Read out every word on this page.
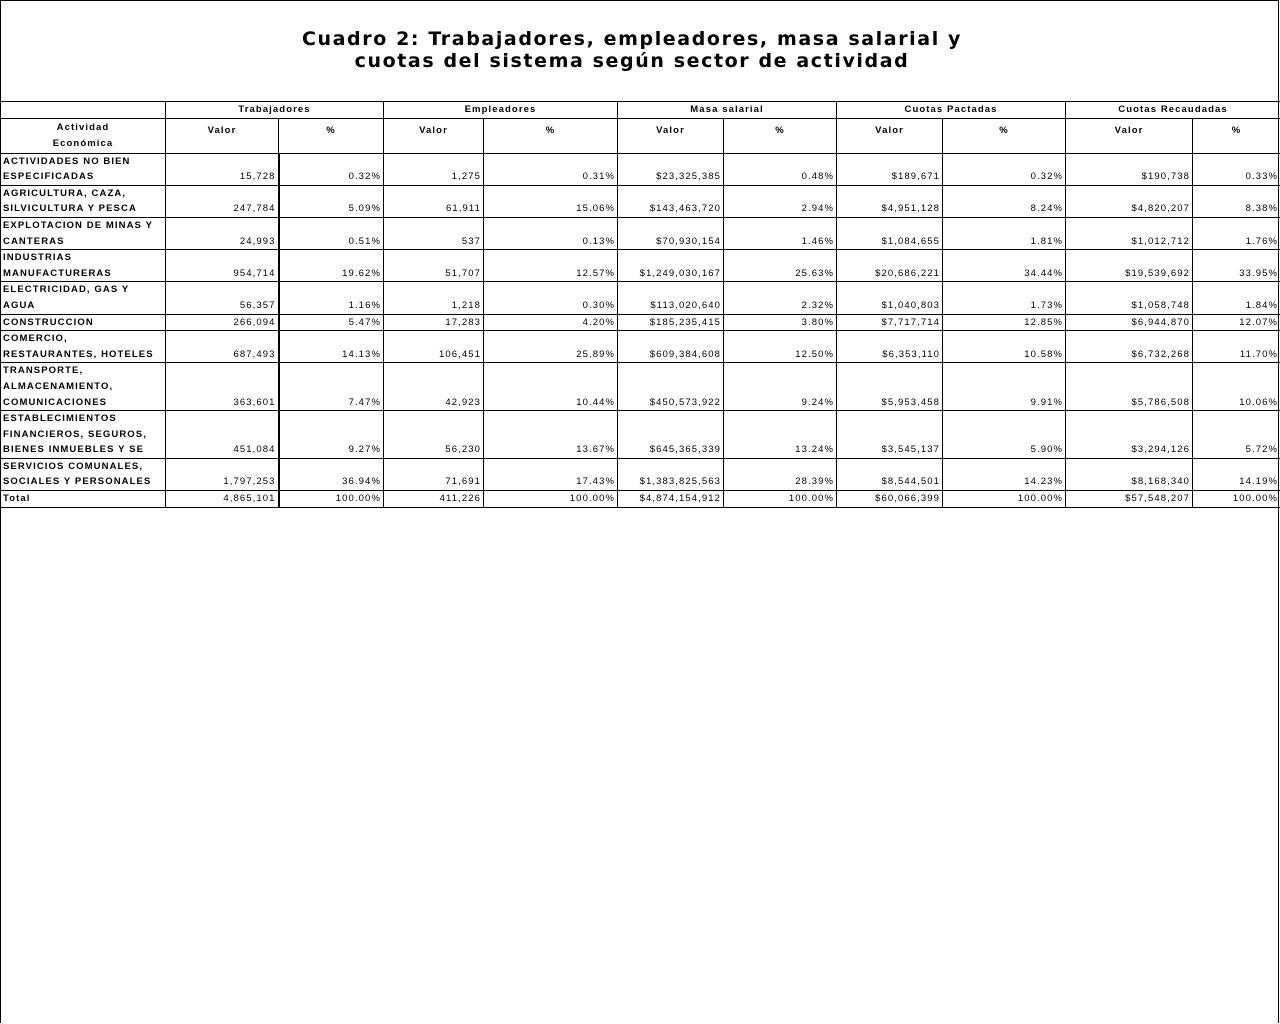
Cuadro 2: Trabajadores, empleadores, masa salarial y
cuotas del sistema según sector de actividad
	Trabajadores		Empleadores		Masa salarial		Cuotas Pactadas		Cuotas Recaudadas	

Actividad
Económica	Valor	%	Valor	%	Valor	%	Valor	%	Valor	%
ACTIVIDADES NO BIEN ESPECIFICADAS	15,728	0.32%	1,275	0.31%	$23,325,385	0.48%	$189,671	0.32%	$190,738	0.33%
AGRICULTURA, CAZA, SILVICULTURA Y PESCA	247,784	5.09%	61,911	15.06%	$143,463,720	2.94%	$4,951,128	8.24%	$4,820,207	8.38%
EXPLOTACION DE MINAS Y CANTERAS	24,993	0.51%	537	0.13%	$70,930,154	1.46%	$1,084,655	1.81%	$1,012,712	1.76%
INDUSTRIAS MANUFACTURERAS	954,714	19.62%	51,707	12.57%	$1,249,030,167	25.63%	$20,686,221	34.44%	$19,539,692	33.95%
ELECTRICIDAD, GAS Y AGUA	56,357	1.16%	1,218	0.30%	$113,020,640	2.32%	$1,040,803	1.73%	$1,058,748	1.84%
CONSTRUCCION	266,094	5.47%	17,283	4.20%	$185,235,415	3.80%	$7,717,714	12.85%	$6,944,870	12.07%
COMERCIO, RESTAURANTES, HOTELES	687,493	14.13%	106,451	25.89%	$609,384,608	12.50%	$6,353,110	10.58%	$6,732,268	11.70%
TRANSPORTE, ALMACENAMIENTO, COMUNICACIONES	363,601	7.47%	42,923	10.44%	$450,573,922	9.24%	$5,953,458	9.91%	$5,786,508	10.06%
ESTABLECIMIENTOS FINANCIEROS, SEGUROS, BIENES INMUEBLES Y SE	451,084	9.27%	56,230	13.67%	$645,365,339	13.24%	$3,545,137	5.90%	$3,294,126	5.72%
SERVICIOS COMUNALES, SOCIALES Y PERSONALES	1,797,253	36.94%	71,691	17.43%	$1,383,825,563	28.39%	$8,544,501	14.23%	$8,168,340	14.19%
Total	4,865,101	100.00%	411,226	100.00%	$4,874,154,912	100.00%	$60,066,399	100.00%	$57,548,207	100.00%
